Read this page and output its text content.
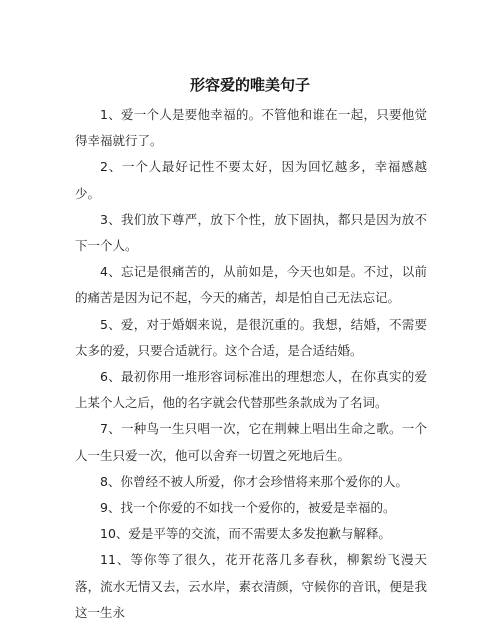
形容爱的唯美句子

1、爱一个人是要他幸福的。不管他和谁在一起，只要他觉得幸福就行了。

2、一个人最好记性不要太好，因为回忆越多，幸福感越少。

3、我们放下尊严，放下个性，放下固执，都只是因为放不下一个人。

4、忘记是很痛苦的，从前如是，今天也如是。不过，以前的痛苦是因为记不起，今天的痛苦，却是怕自己无法忘记。

5、爱，对于婚姻来说，是很沉重的。我想，结婚，不需要太多的爱，只要合适就行。这个合适，是合适结婚。

6、最初你用一堆形容词标准出的理想恋人，在你真实的爱上某个人之后，他的名字就会代替那些条款成为了名词。

7、一种鸟一生只唱一次，它在荆棘上唱出生命之歌。一个人一生只爱一次，他可以舍弃一切置之死地后生。

8、你曾经不被人所爱，你才会珍惜将来那个爱你的人。

9、找一个你爱的不如找一个爱你的，被爱是幸福的。

10、爱是平等的交流，而不需要太多发抱歉与解释。

11、等你等了很久，花开花落几多春秋，柳絮纷飞漫天落，流水无情又去，云水岸，素衣清颜，守候你的音讯，便是我这一生永
